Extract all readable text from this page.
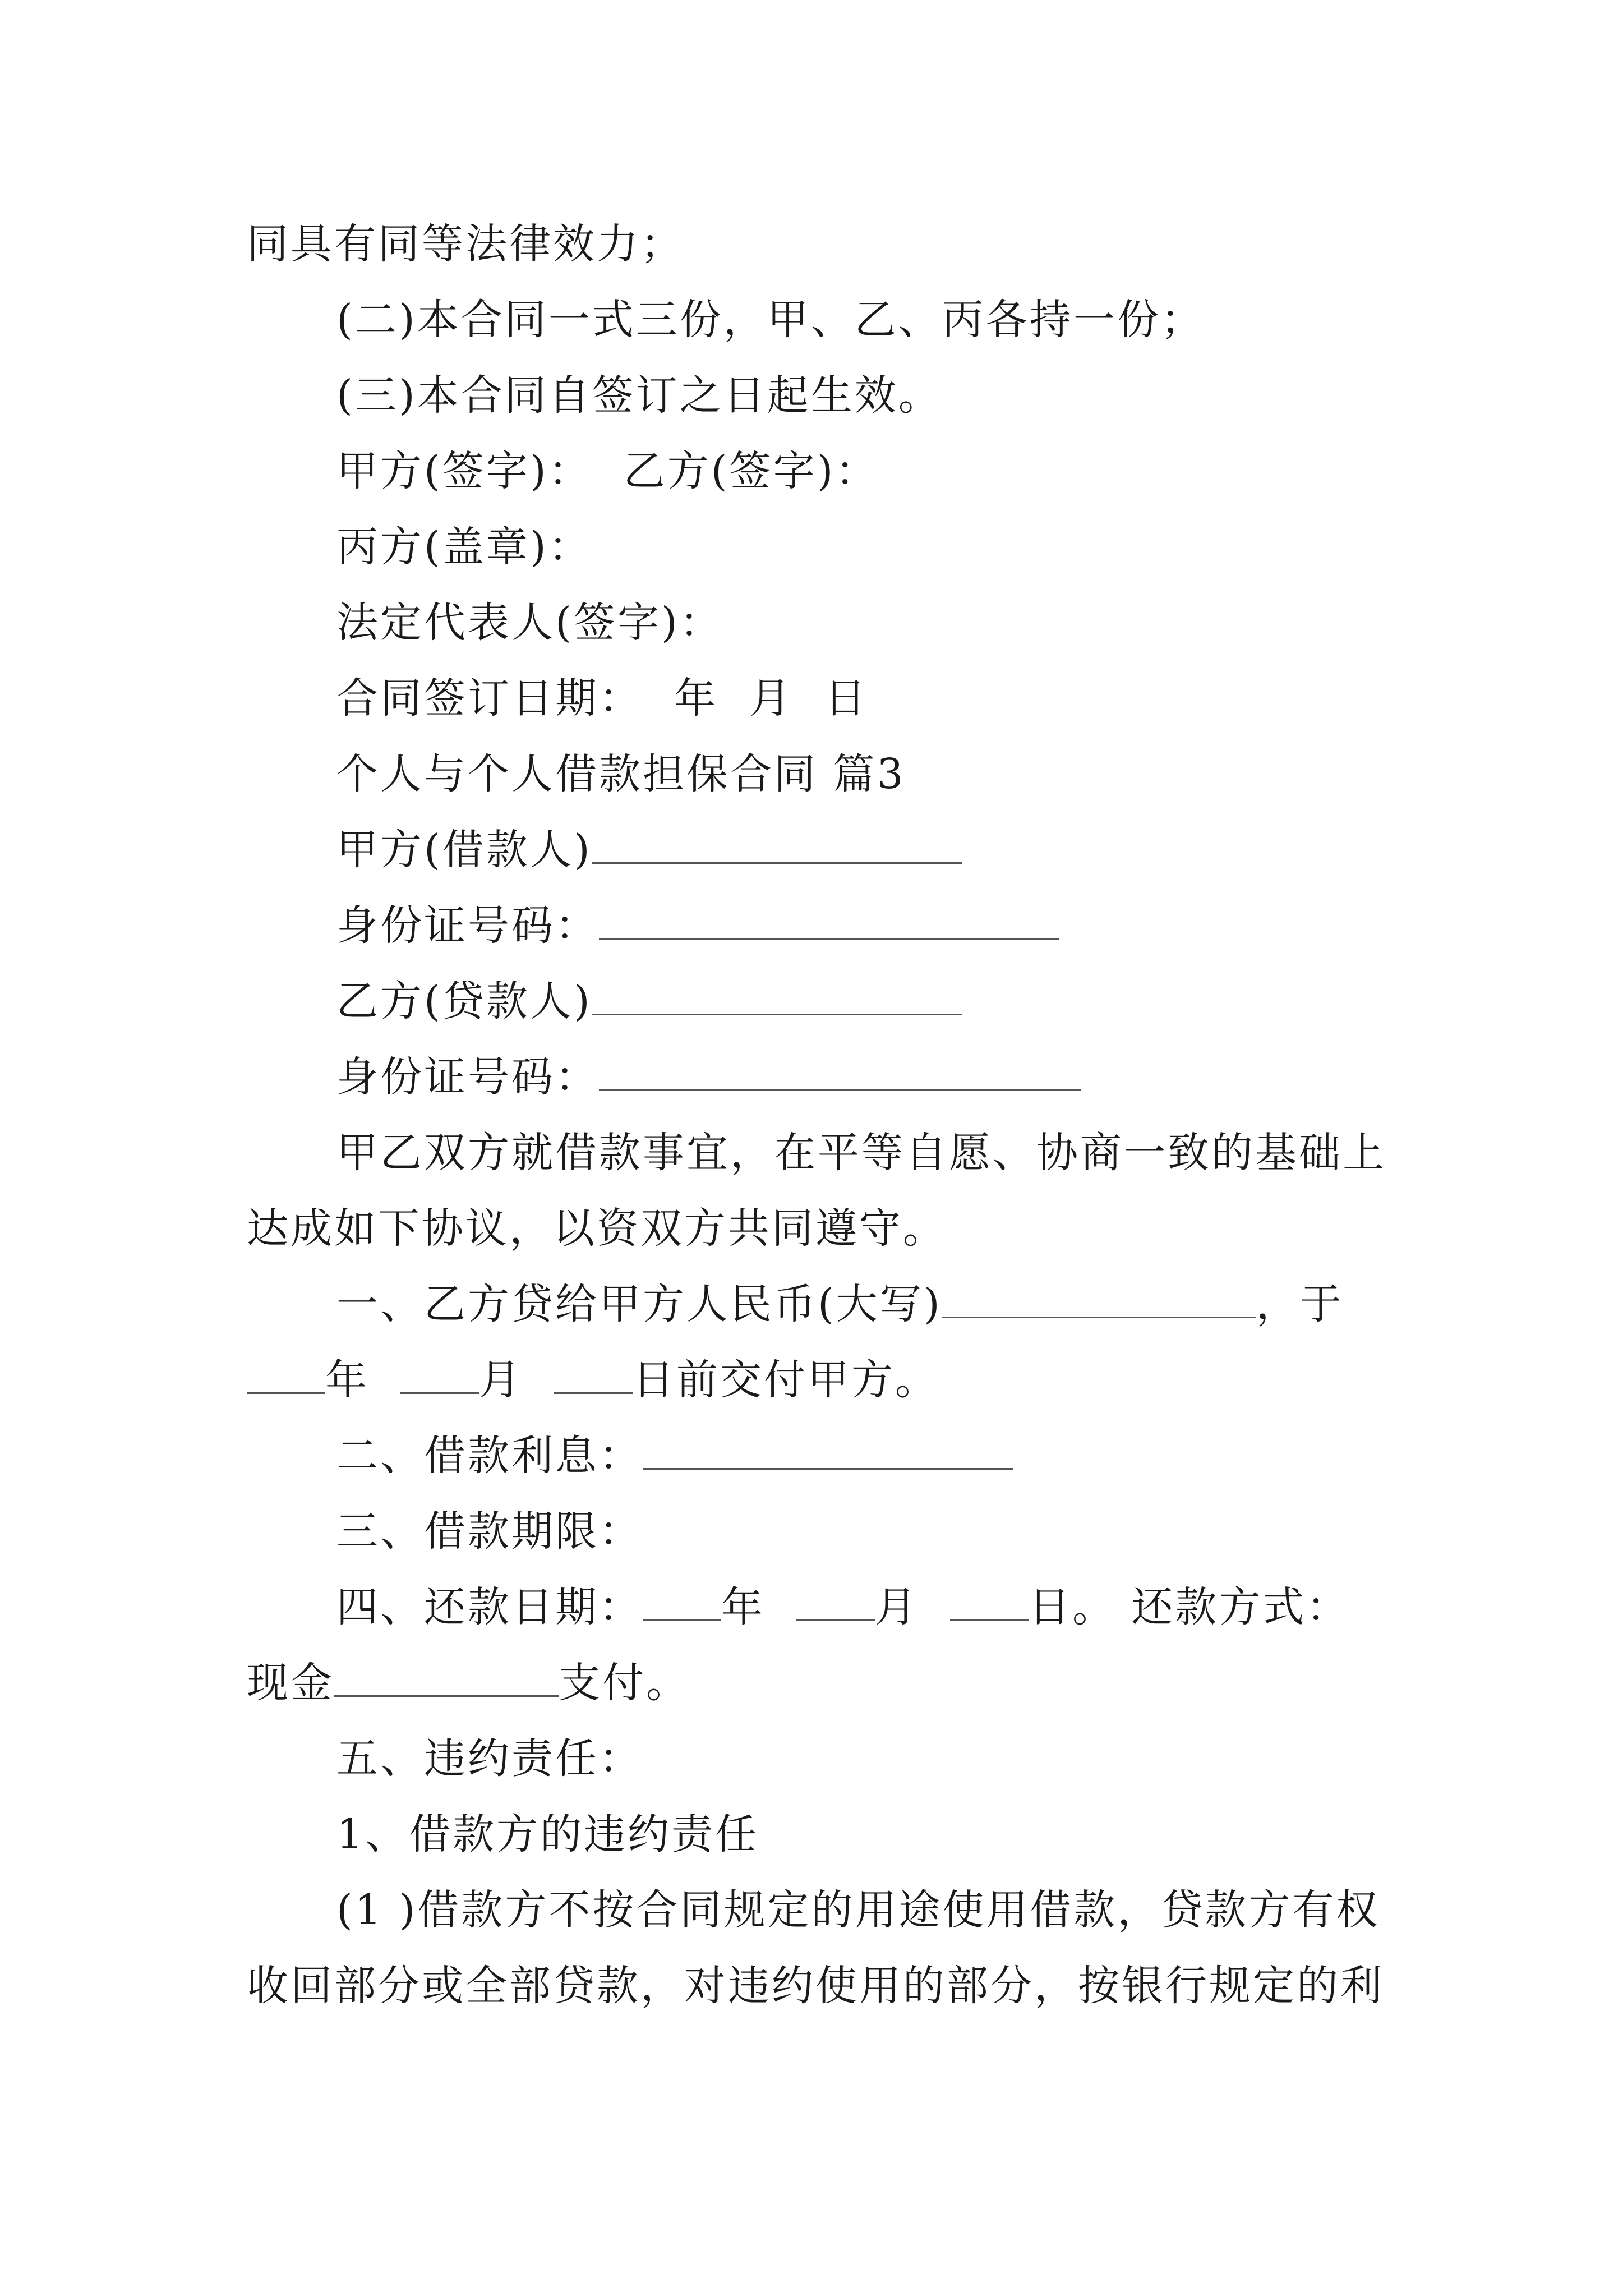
同具有同等法律效力；
(二)本合同一式三份，甲、乙、丙各持一份；
(三)本合同自签订之日起生效。
甲方(签字)： 乙方(签字)：
丙方(盖章)：
法定代表人(签字)：
合同签订日期： 年 月 日
个人与个人借款担保合同 篇3
甲方(借款人)
身份证号码：
乙方(贷款人)
身份证号码：
甲乙双方就借款事宜，在平等自愿、协商一致的基础上
达成如下协议，以资双方共同遵守。
一、乙方贷给甲方人民币(大写)	，于
年	月	日前交付甲方。
二、借款利息：
三、借款期限：
四、还款日期： 年	月	日。 还款方式：
现金	支付。
五、违约责任：
1、借款方的违约责任
(1 )借款方不按合同规定的用途使用借款，贷款方有权
收回部分或全部贷款，对违约使用的部分，按银行规定的利
